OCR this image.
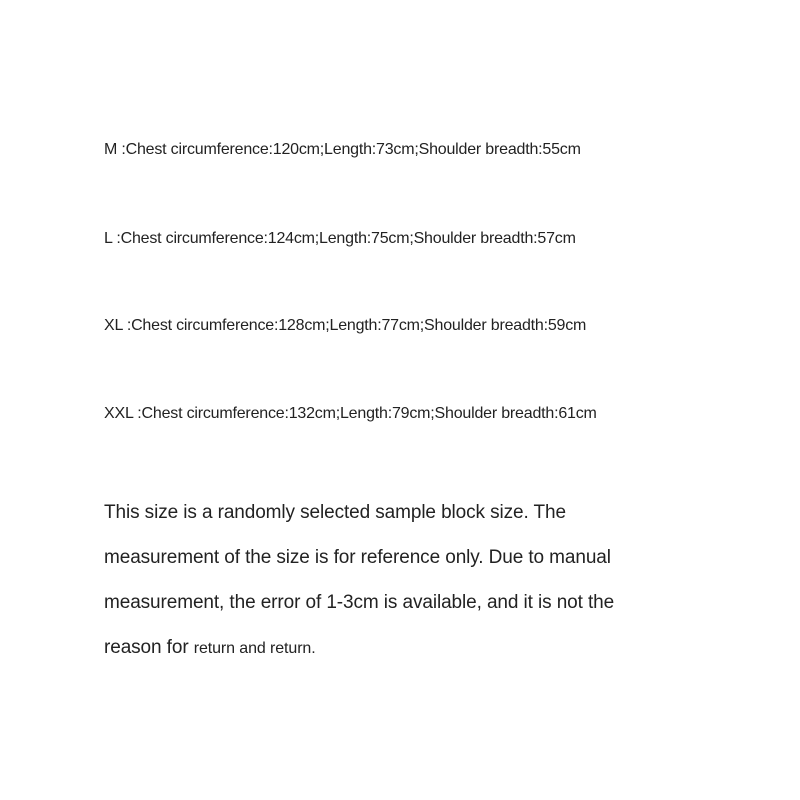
M :Chest circumference:120cm;Length:73cm;Shoulder breadth:55cm
L :Chest circumference:124cm;Length:75cm;Shoulder breadth:57cm
XL :Chest circumference:128cm;Length:77cm;Shoulder breadth:59cm
XXL :Chest circumference:132cm;Length:79cm;Shoulder breadth:61cm

This size is a randomly selected sample block size. The
measurement of the size is for reference only. Due to manual
measurement, the error of 1-3cm is available, and it is not the
reason for return and return.
